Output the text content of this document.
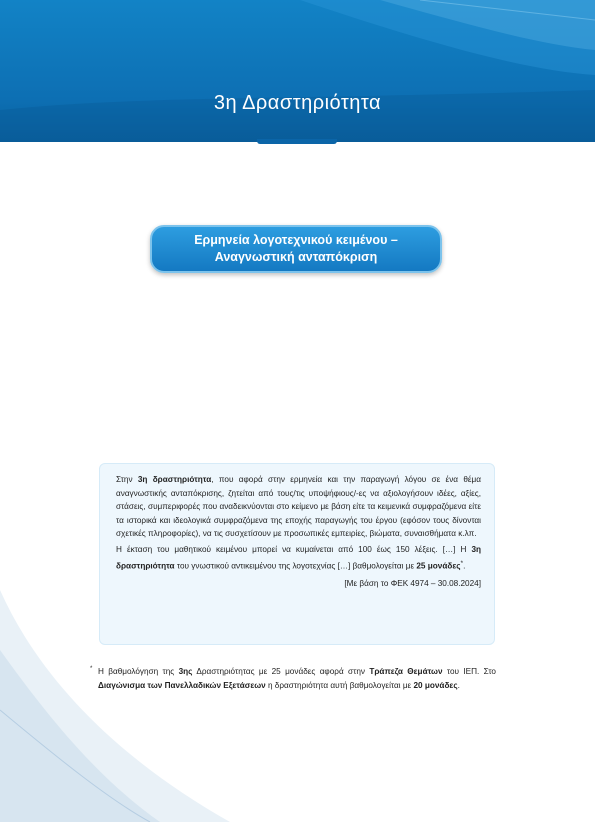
3η Δραστηριότητα
Ερμηνεία λογοτεχνικού κειμένου –
Αναγνωστική ανταπόκριση

Στην 3η δραστηριότητα, που αφορά στην ερμηνεία και την παραγωγή λόγου σε ένα θέμα αναγνωστικής ανταπόκρισης, ζητείται από τους/τις υποψήφιους/-ες να αξιολογήσουν ιδέες, αξίες, στάσεις, συμπεριφορές που αναδεικνύονται στο κείμενο με βάση είτε τα κειμενικά συμφραζόμενα είτε τα ιστορικά και ιδεολογικά συμφραζόμενα της εποχής παραγωγής του έργου (εφόσον τους δίνονται σχετικές πληροφορίες), να τις συσχετίσουν με προσωπικές εμπειρίες, βιώματα, συναισθήματα κ.λπ.

Η έκταση του μαθητικού κειμένου μπορεί να κυμαίνεται από 100 έως 150 λέξεις. […] Η 3η δραστηριότητα του γνωστικού αντικειμένου της λογοτεχνίας […] βαθμολογείται με 25 μονάδες*.

[Με βάση το ΦΕΚ 4974 – 30.08.2024]
* Η βαθμολόγηση της 3ης Δραστηριότητας με 25 μονάδες αφορά στην Τράπεζα Θεμάτων του ΙΕΠ. Στο Διαγώνισμα των Πανελλαδικών Εξετάσεων η δραστηριότητα αυτή βαθμολογείται με 20 μονάδες.
